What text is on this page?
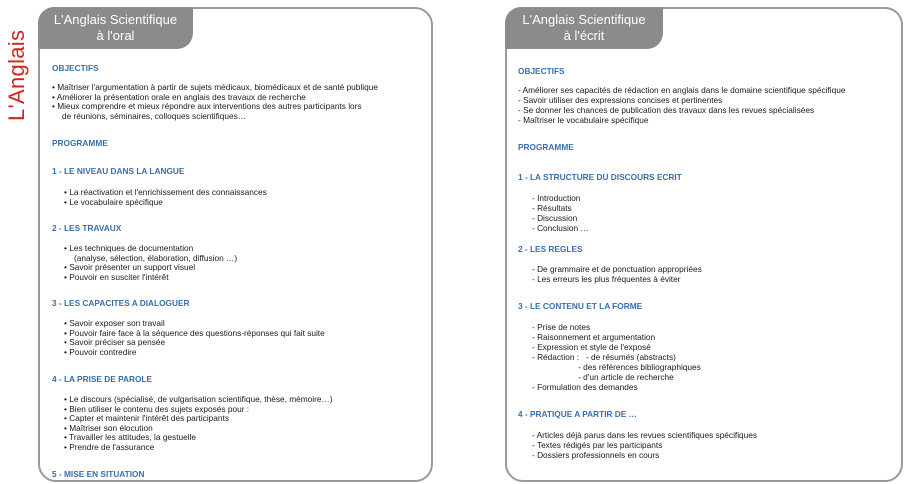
L'Anglais
L'Anglais Scientifique
à l'oral
OBJECTIFS
• Maîtriser l'argumentation à partir de sujets médicaux, biomédicaux et de santé publique
• Améliorer la présentation orale en anglais des travaux de recherche
• Mieux comprendre et mieux répondre aux interventions des autres participants lors
de réunions, séminaires, colloques scientifiques…
PROGRAMME
1 - LE NIVEAU DANS LA LANGUE
• La réactivation et l'enrichissement des connaissances
• Le vocabulaire spécifique
2 - LES TRAVAUX
• Les techniques de documentation
(analyse, sélection, élaboration, diffusion …)
• Savoir présenter un support visuel
• Pouvoir en susciter l'intérêt
3 - LES CAPACITES A DIALOGUER
• Savoir exposer son travail
• Pouvoir faire face à la séquence des questions-réponses qui fait suite
• Savoir préciser sa pensée
• Pouvoir contredire
4 - LA PRISE DE PAROLE
• Le discours (spécialisé, de vulgarisation scientifique, thèse, mémoire…)
• Bien utiliser le contenu des sujets exposés pour :
• Capter et maintenir l'intérêt des participants
• Maîtriser son élocution
• Travailler les attitudes, la gestuelle
• Prendre de l'assurance
5 - MISE EN SITUATION
L'Anglais Scientifique
à l'écrit
OBJECTIFS
- Améliorer ses capacités de rédaction en anglais dans le domaine scientifique spécifique
- Savoir utiliser des expressions concises et pertinentes
- Se donner les chances de publication des travaux dans les revues spécialisées
- Maîtriser le vocabulaire spécifique
PROGRAMME
1 - LA STRUCTURE DU DISCOURS ECRIT
- Introduction
- Résultats
- Discussion
- Conclusion …
2 - LES REGLES
- De grammaire et de ponctuation appropriées
- Les erreurs les plus fréquentes à éviter
3 - LE CONTENU ET LA FORME
- Prise de notes
- Raisonnement et argumentation
- Expression et style de l'exposé
- Rédaction :   - de résumés (abstracts)
- des références bibliographiques
- d'un article de recherche
- Formulation des demandes
4 - PRATIQUE A PARTIR DE …
- Articles déjà parus dans les revues scientifiques spécifiques
- Textes rédigés par les participants
- Dossiers professionnels en cours
